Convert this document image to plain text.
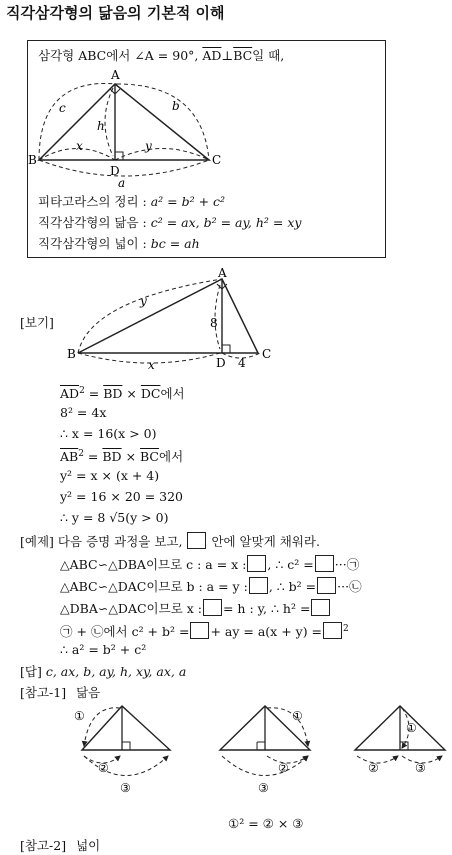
직각삼각형의 닮음의 기본적 이해
삼각형 ABC에서 ∠A = 90°, $\overline{AD}\perp\overline{BC}$일 때,
A
B	C
D
c	b
h
x	y
a
피타고라스의 정리 : a² = b² + c²
직각삼각형의 닮음 : c² = ax, b² = ay, h² = xy
직각삼각형의 넓이 : bc = ah
[보기]
A
B	C
D
y
x
8
4
$\overline{AD}^2 = \overline{BD} \times \overline{DC}$에서
8² = 4x
∴ x = 16(x > 0)
$\overline{AB}^2 = \overline{BD} \times \overline{BC}$에서
y² = x × (x + 4)
y² = 16 × 20 = 320
∴ y = 8 √5(y > 0)
[예제] 다음 증명 과정을 보고, 안에 알맞게 채워라.
△ABC∽△DBA이므로 c : a = x : , ∴ c² = ···㉠
△ABC∽△DAC이므로 b : a = y : , ∴ b² = ···㉡
△DBA∽△DAC이므로 x : = h : y, ∴ h² =
㉠ + ㉡에서 c² + b² = + ay = a(x + y) = $^2$
∴ a² = b² + c²
[답] c, ax, b, ay, h, xy, ax, a
[참고-1] 닮음
①
②
③
①
②
③
①
②	③
①² = ② × ③
[참고-2] 넓이
